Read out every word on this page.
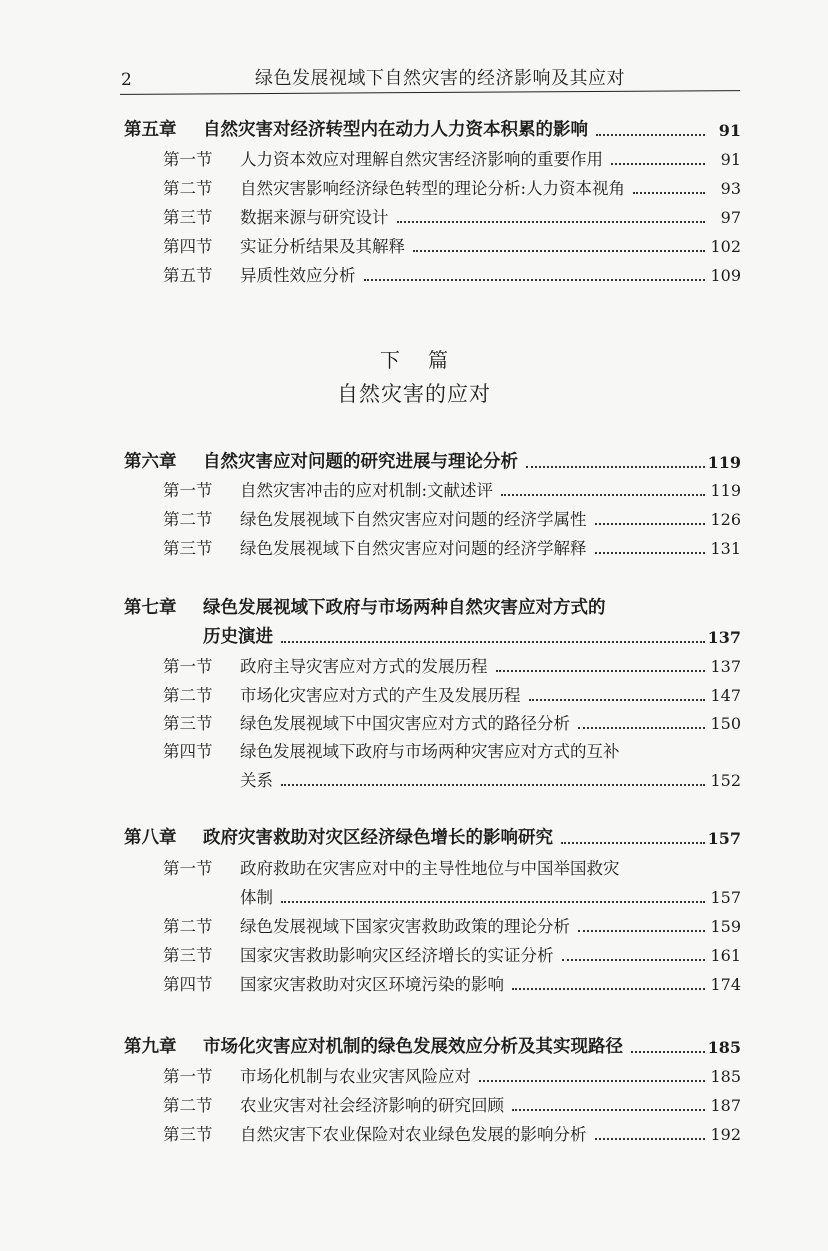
2	绿色发展视域下自然灾害的经济影响及其应对
下篇
自然灾害的应对
第五章 自然灾害对经济转型内在动力人力资本积累的影响	91
第一节 人力资本效应对理解自然灾害经济影响的重要作用	91
第二节 自然灾害影响经济绿色转型的理论分析:人力资本视角	93
第三节 数据来源与研究设计	97
第四节 实证分析结果及其解释	102
第五节 异质性效应分析	109
第六章 自然灾害应对问题的研究进展与理论分析	119
第一节 自然灾害冲击的应对机制:文献述评	119
第二节 绿色发展视域下自然灾害应对问题的经济学属性	126
第三节 绿色发展视域下自然灾害应对问题的经济学解释	131
第七章 绿色发展视域下政府与市场两种自然灾害应对方式的
历史演进	137
第一节 政府主导灾害应对方式的发展历程	137
第二节 市场化灾害应对方式的产生及发展历程	147
第三节 绿色发展视域下中国灾害应对方式的路径分析	150
第四节 绿色发展视域下政府与市场两种灾害应对方式的互补
关系	152
第八章 政府灾害救助对灾区经济绿色增长的影响研究	157
第一节 政府救助在灾害应对中的主导性地位与中国举国救灾
体制	157
第二节 绿色发展视域下国家灾害救助政策的理论分析	159
第三节 国家灾害救助影响灾区经济增长的实证分析	161
第四节 国家灾害救助对灾区环境污染的影响	174
第九章 市场化灾害应对机制的绿色发展效应分析及其实现路径	185
第一节 市场化机制与农业灾害风险应对	185
第二节 农业灾害对社会经济影响的研究回顾	187
第三节 自然灾害下农业保险对农业绿色发展的影响分析	192
